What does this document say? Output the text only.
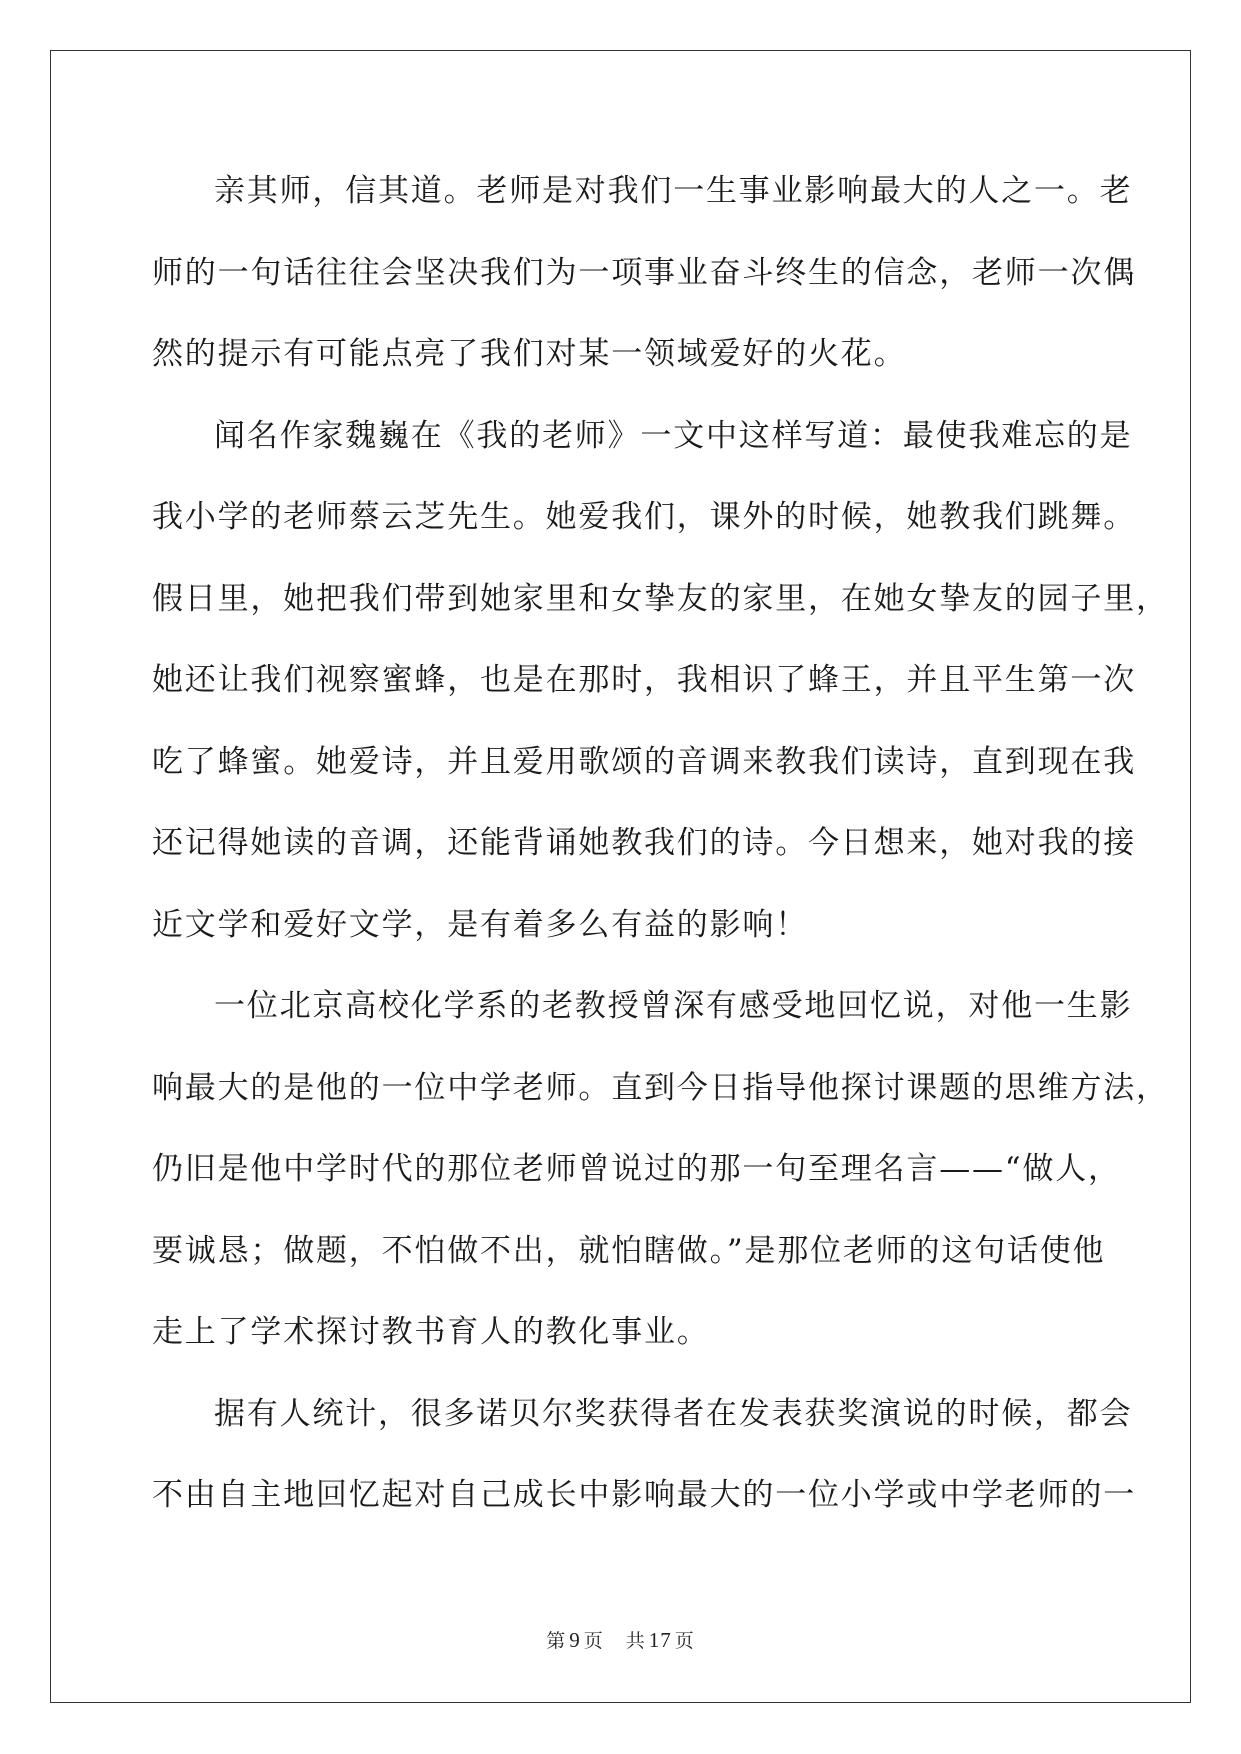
亲其师，信其道。老师是对我们一生事业影响最大的人之一。老
师的一句话往往会坚决我们为一项事业奋斗终生的信念，老师一次偶
然的提示有可能点亮了我们对某一领域爱好的火花。
闻名作家魏巍在《我的老师》一文中这样写道：最使我难忘的是
我小学的老师蔡云芝先生。她爱我们，课外的时候，她教我们跳舞。
假日里，她把我们带到她家里和女挚友的家里，在她女挚友的园子里，
她还让我们视察蜜蜂，也是在那时，我相识了蜂王，并且平生第一次
吃了蜂蜜。她爱诗，并且爱用歌颂的音调来教我们读诗，直到现在我
还记得她读的音调，还能背诵她教我们的诗。今日想来，她对我的接
近文学和爱好文学，是有着多么有益的影响！
一位北京高校化学系的老教授曾深有感受地回忆说，对他一生影
响最大的是他的一位中学老师。直到今日指导他探讨课题的思维方法，
仍旧是他中学时代的那位老师曾说过的那一句至理名言——“做人，
要诚恳；做题，不怕做不出，就怕瞎做。”是那位老师的这句话使他
走上了学术探讨教书育人的教化事业。
据有人统计，很多诺贝尔奖获得者在发表获奖演说的时候，都会
不由自主地回忆起对自己成长中影响最大的一位小学或中学老师的一
第 9 页 共 17 页
